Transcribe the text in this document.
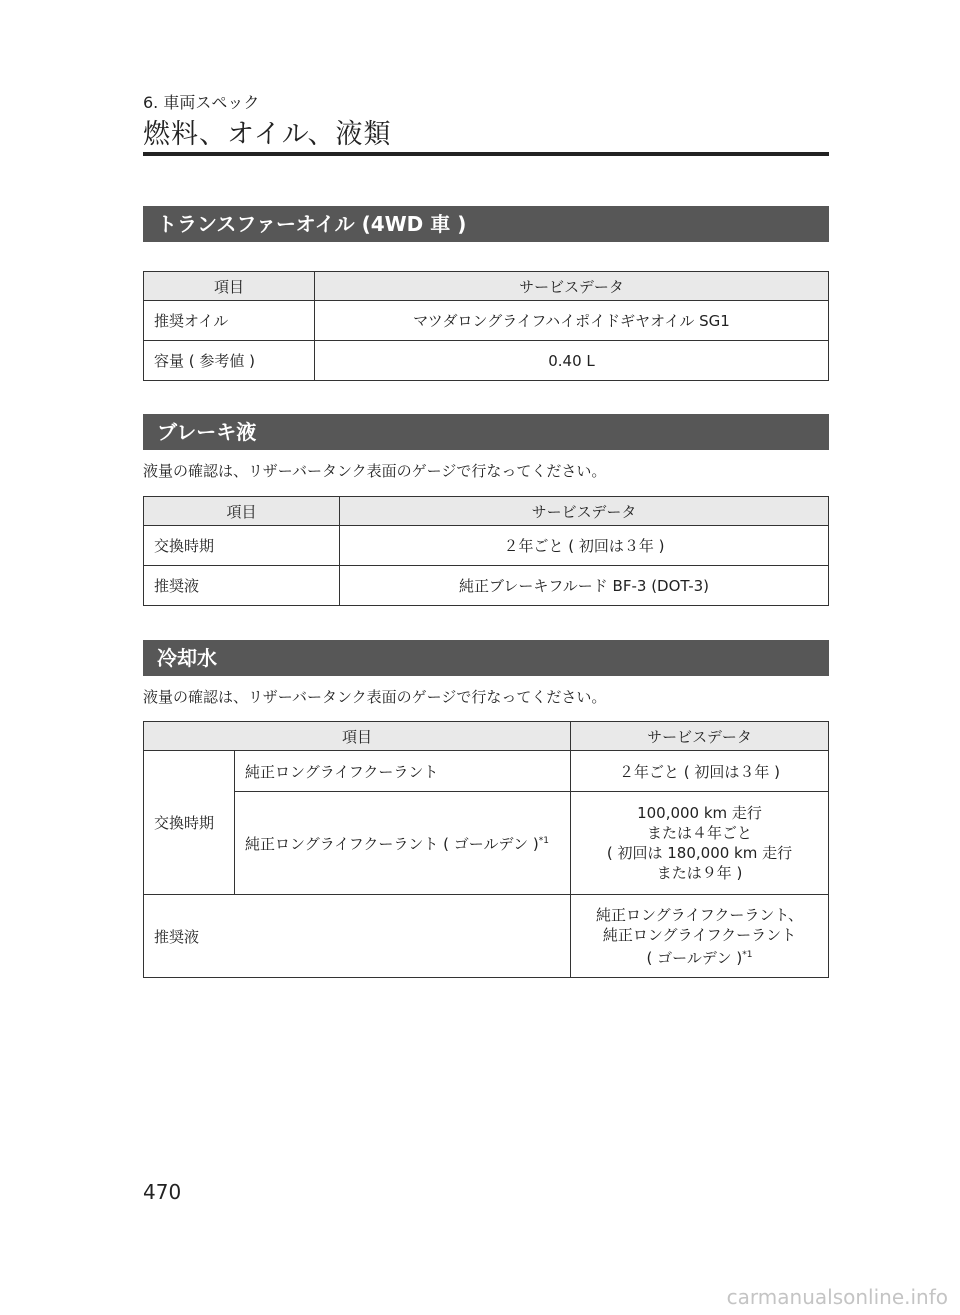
6. 車両スペック
燃料、オイル、液類
トランスファーオイル (4WD 車 )
項目	サービスデータ
推奨オイル	マツダロングライフハイポイドギヤオイル SG1
容量 ( 参考値 )	0.40 L
ブレーキ液
液量の確認は、リザーバータンク表面のゲージで行なってください。
項目	サービスデータ
交換時期	２年ごと ( 初回は３年 )
推奨液	純正ブレーキフルード BF-3 (DOT-3)
冷却水
液量の確認は、リザーバータンク表面のゲージで行なってください。
項目		サービスデータ
交換時期	純正ロングライフクーラント	２年ごと ( 初回は３年 )
	純正ロングライフクーラント ( ゴールデン )$^{*1}$	100,000 km 走行
または４年ごと
( 初回は 180,000 km 走行
または９年 )

推奨液		純正ロングライフクーラント、
純正ロングライフクーラント
( ゴールデン )$^{*1}$
470
carmanualsonline.info
